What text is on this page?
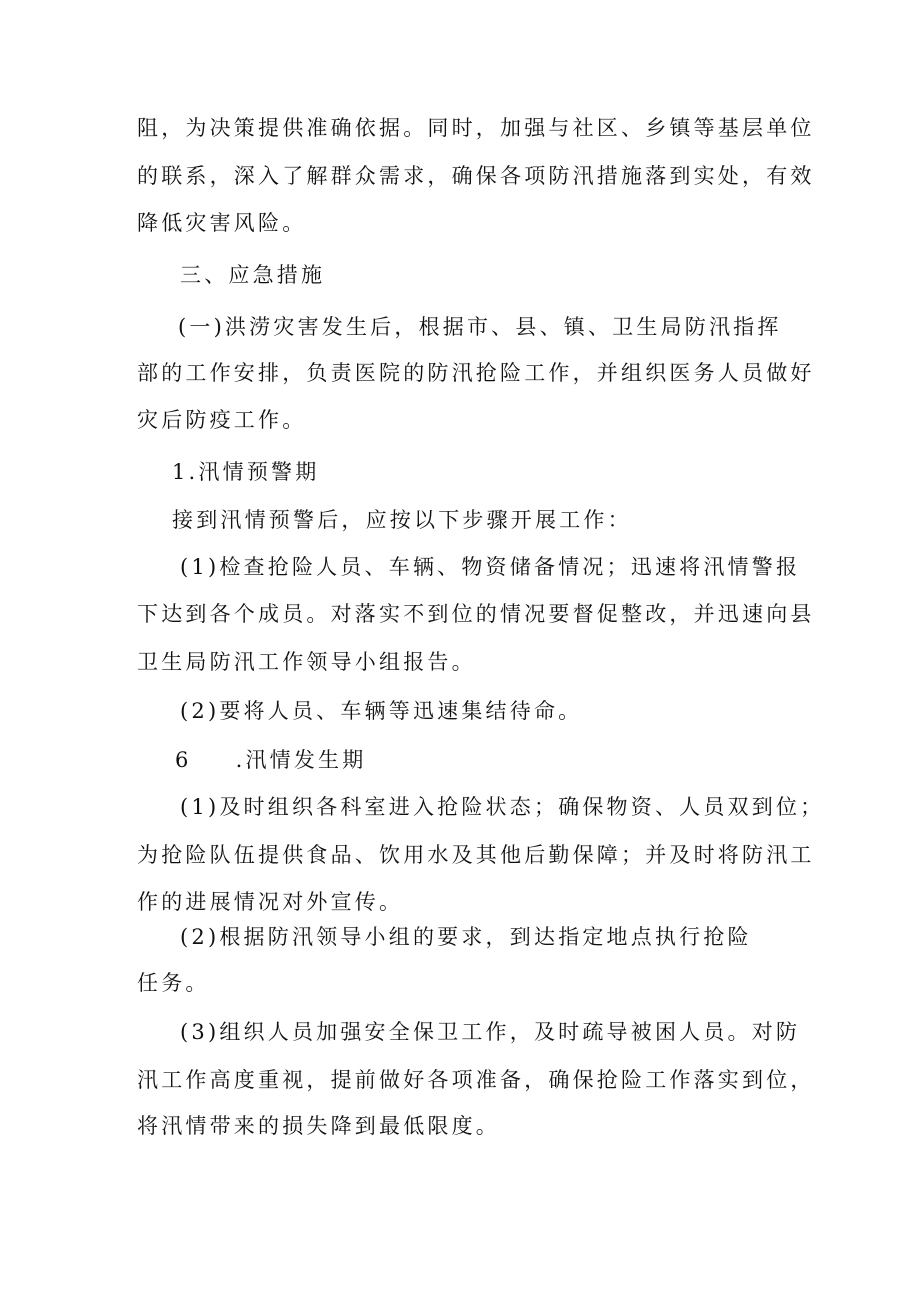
阻，为决策提供准确依据。同时，加强与社区、乡镇等基层单位
的联系，深入了解群众需求，确保各项防汛措施落到实处，有效
降低灾害风险。
三、应急措施
(一)洪涝灾害发生后，根据市、县、镇、卫生局防汛指挥
部的工作安排，负责医院的防汛抢险工作，并组织医务人员做好
灾后防疫工作。
1.汛情预警期
接到汛情预警后，应按以下步骤开展工作：
(1)检查抢险人员、车辆、物资储备情况；迅速将汛情警报
下达到各个成员。对落实不到位的情况要督促整改，并迅速向县
卫生局防汛工作领导小组报告。
(2)要将人员、车辆等迅速集结待命。
6 .汛情发生期
(1)及时组织各科室进入抢险状态；确保物资、人员双到位；
为抢险队伍提供食品、饮用水及其他后勤保障；并及时将防汛工
作的进展情况对外宣传。
(2)根据防汛领导小组的要求，到达指定地点执行抢险
任务。
(3)组织人员加强安全保卫工作，及时疏导被困人员。对防
汛工作高度重视，提前做好各项准备，确保抢险工作落实到位，
将汛情带来的损失降到最低限度。
